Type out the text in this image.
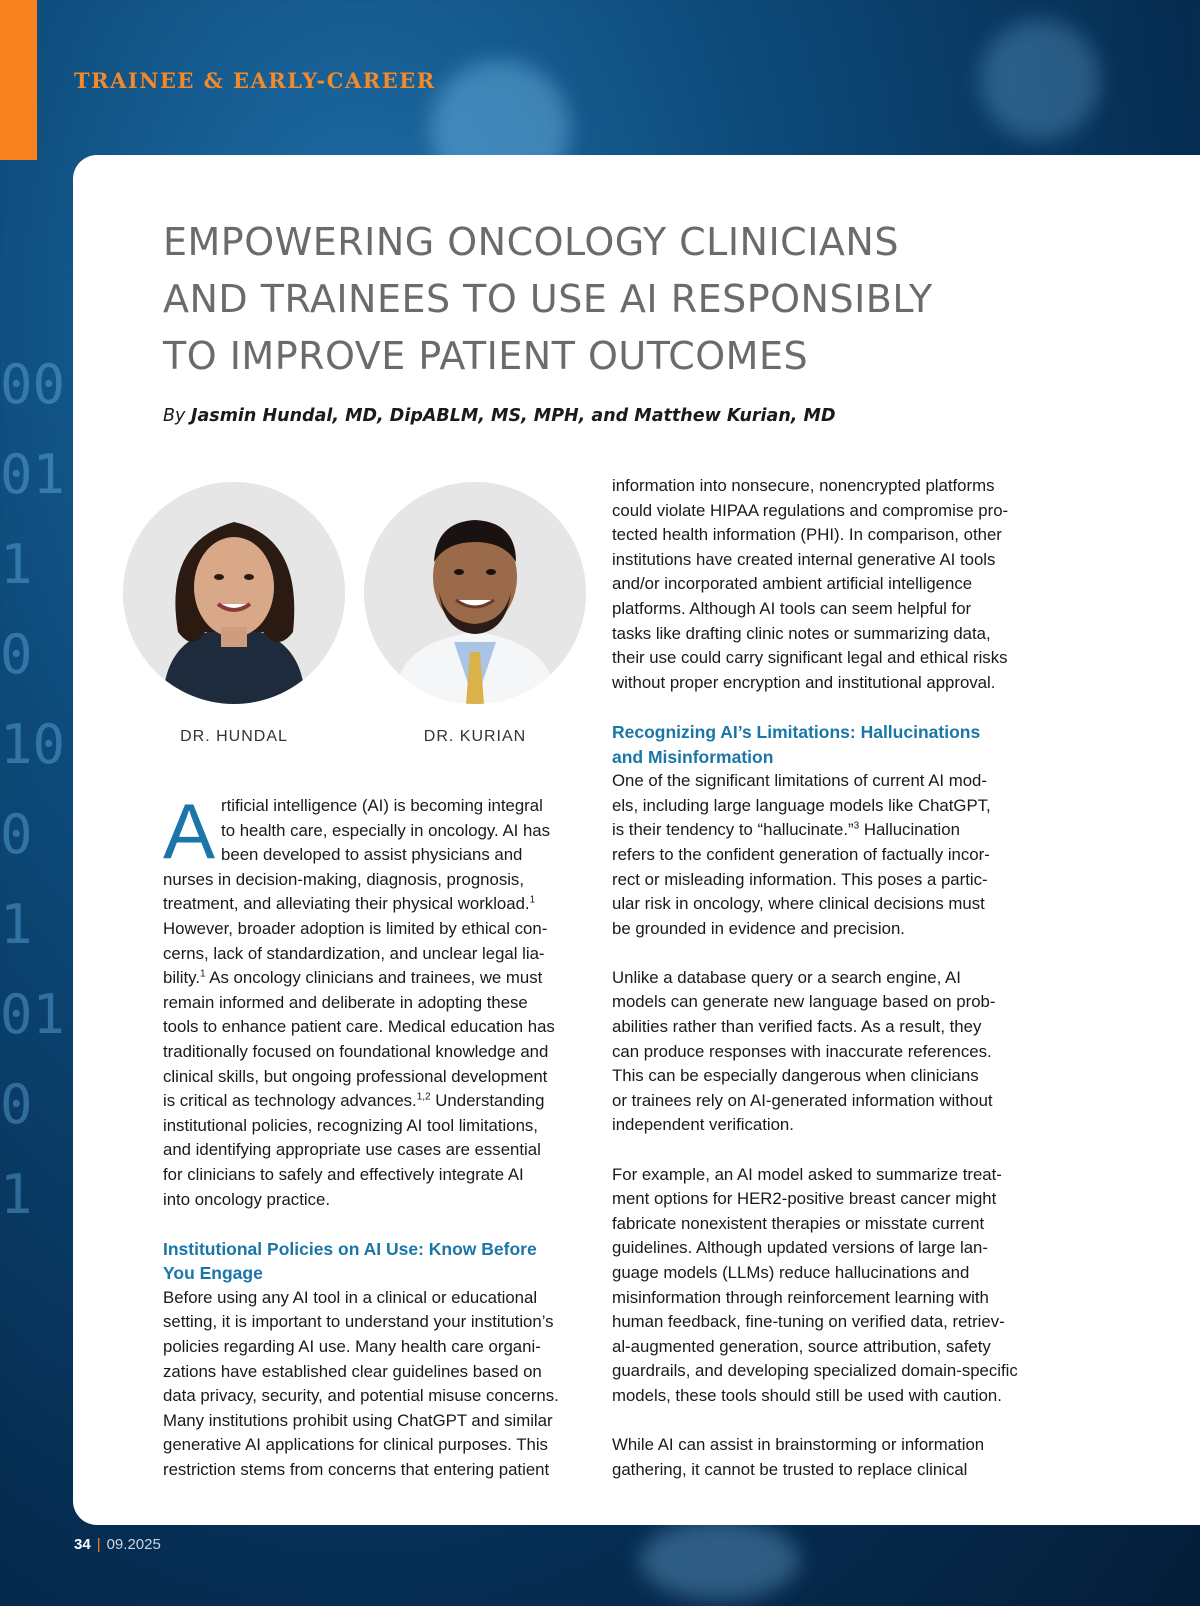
00
01
1
0
10
0
1
01
0
1
TRAINEE & EARLY-CAREER
EMPOWERING ONCOLOGY CLINICIANS
AND TRAINEES TO USE AI RESPONSIBLY
TO IMPROVE PATIENT OUTCOMES

By Jasmin Hundal, MD, DipABLM, MS, MPH, and Matthew Kurian, MD

DR. HUNDAL	DR. KURIAN
A rtificial intelligence (AI) is becoming integral
to health care, especially in oncology. AI has
been developed to assist physicians and
nurses in decision-making, diagnosis, prognosis,
treatment, and alleviating their physical workload.$^1$
However, broader adoption is limited by ethical con-
cerns, lack of standardization, and unclear legal lia-
bility.$^1$ As oncology clinicians and trainees, we must
remain informed and deliberate in adopting these
tools to enhance patient care. Medical education has
traditionally focused on foundational knowledge and
clinical skills, but ongoing professional development
is critical as technology advances.$^{1,2}$ Understanding
institutional policies, recognizing AI tool limitations,
and identifying appropriate use cases are essential
for clinicians to safely and effectively integrate AI
into oncology practice.

Institutional Policies on AI Use: Know Before
You Engage

Before using any AI tool in a clinical or educational
setting, it is important to understand your institution’s
policies regarding AI use. Many health care organi-
zations have established clear guidelines based on
data privacy, security, and potential misuse concerns.
Many institutions prohibit using ChatGPT and similar
generative AI applications for clinical purposes. This
restriction stems from concerns that entering patient

information into nonsecure, nonencrypted platforms
could violate HIPAA regulations and compromise pro-
tected health information (PHI). In comparison, other
institutions have created internal generative AI tools
and/or incorporated ambient artificial intelligence
platforms. Although AI tools can seem helpful for
tasks like drafting clinic notes or summarizing data,
their use could carry significant legal and ethical risks
without proper encryption and institutional approval.

Recognizing AI’s Limitations: Hallucinations
and Misinformation

One of the significant limitations of current AI mod-
els, including large language models like ChatGPT,
is their tendency to “hallucinate.”$^3$ Hallucination
refers to the confident generation of factually incor-
rect or misleading information. This poses a partic-
ular risk in oncology, where clinical decisions must
be grounded in evidence and precision.

Unlike a database query or a search engine, AI
models can generate new language based on prob-
abilities rather than verified facts. As a result, they
can produce responses with inaccurate references.
This can be especially dangerous when clinicians
or trainees rely on AI-generated information without
independent verification.

For example, an AI model asked to summarize treat-
ment options for HER2-positive breast cancer might
fabricate nonexistent therapies or misstate current
guidelines. Although updated versions of large lan-
guage models (LLMs) reduce hallucinations and
misinformation through reinforcement learning with
human feedback, fine-tuning on verified data, retriev-
al-augmented generation, source attribution, safety
guardrails, and developing specialized domain-specific
models, these tools should still be used with caution.

While AI can assist in brainstorming or information
gathering, it cannot be trusted to replace clinical

34 | 09.2025
